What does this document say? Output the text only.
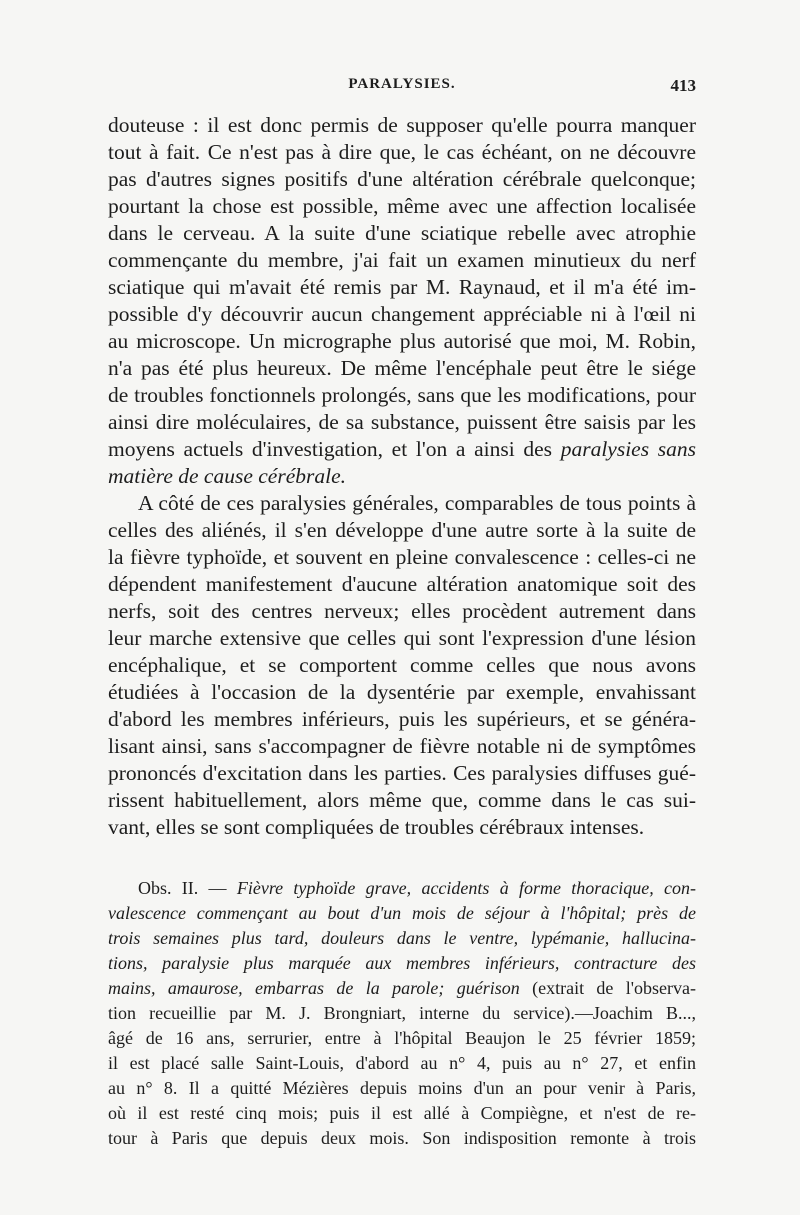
PARALYSIES.	413
douteuse : il est donc permis de supposer qu'elle pourra manquer
tout à fait. Ce n'est pas à dire que, le cas échéant, on ne découvre
pas d'autres signes positifs d'une altération cérébrale quelconque;
pourtant la chose est possible, même avec une affection localisée
dans le cerveau. A la suite d'une sciatique rebelle avec atrophie
commençante du membre, j'ai fait un examen minutieux du nerf
sciatique qui m'avait été remis par M. Raynaud, et il m'a été im-
possible d'y découvrir aucun changement appréciable ni à l'œil ni
au microscope. Un micrographe plus autorisé que moi, M. Robin,
n'a pas été plus heureux. De même l'encéphale peut être le siége
de troubles fonctionnels prolongés, sans que les modifications, pour
ainsi dire moléculaires, de sa substance, puissent être saisis par les
moyens actuels d'investigation, et l'on a ainsi des paralysies sans
matière de cause cérébrale.
A côté de ces paralysies générales, comparables de tous points à
celles des aliénés, il s'en développe d'une autre sorte à la suite de
la fièvre typhoïde, et souvent en pleine convalescence : celles-ci ne
dépendent manifestement d'aucune altération anatomique soit des
nerfs, soit des centres nerveux; elles procèdent autrement dans
leur marche extensive que celles qui sont l'expression d'une lésion
encéphalique, et se comportent comme celles que nous avons
étudiées à l'occasion de la dysentérie par exemple, envahissant
d'abord les membres inférieurs, puis les supérieurs, et se généra-
lisant ainsi, sans s'accompagner de fièvre notable ni de symptômes
prononcés d'excitation dans les parties. Ces paralysies diffuses gué-
rissent habituellement, alors même que, comme dans le cas sui-
vant, elles se sont compliquées de troubles cérébraux intenses.
Obs. II. — Fièvre typhoïde grave, accidents à forme thoracique, con-
valescence commençant au bout d'un mois de séjour à l'hôpital; près de
trois semaines plus tard, douleurs dans le ventre, lypémanie, hallucina-
tions, paralysie plus marquée aux membres inférieurs, contracture des
mains, amaurose, embarras de la parole; guérison (extrait de l'observa-
tion recueillie par M. J. Brongniart, interne du service).—Joachim B...,
âgé de 16 ans, serrurier, entre à l'hôpital Beaujon le 25 février 1859;
il est placé salle Saint-Louis, d'abord au n° 4, puis au n° 27, et enfin
au n° 8. Il a quitté Mézières depuis moins d'un an pour venir à Paris,
où il est resté cinq mois; puis il est allé à Compiègne, et n'est de re-
tour à Paris que depuis deux mois. Son indisposition remonte à trois
